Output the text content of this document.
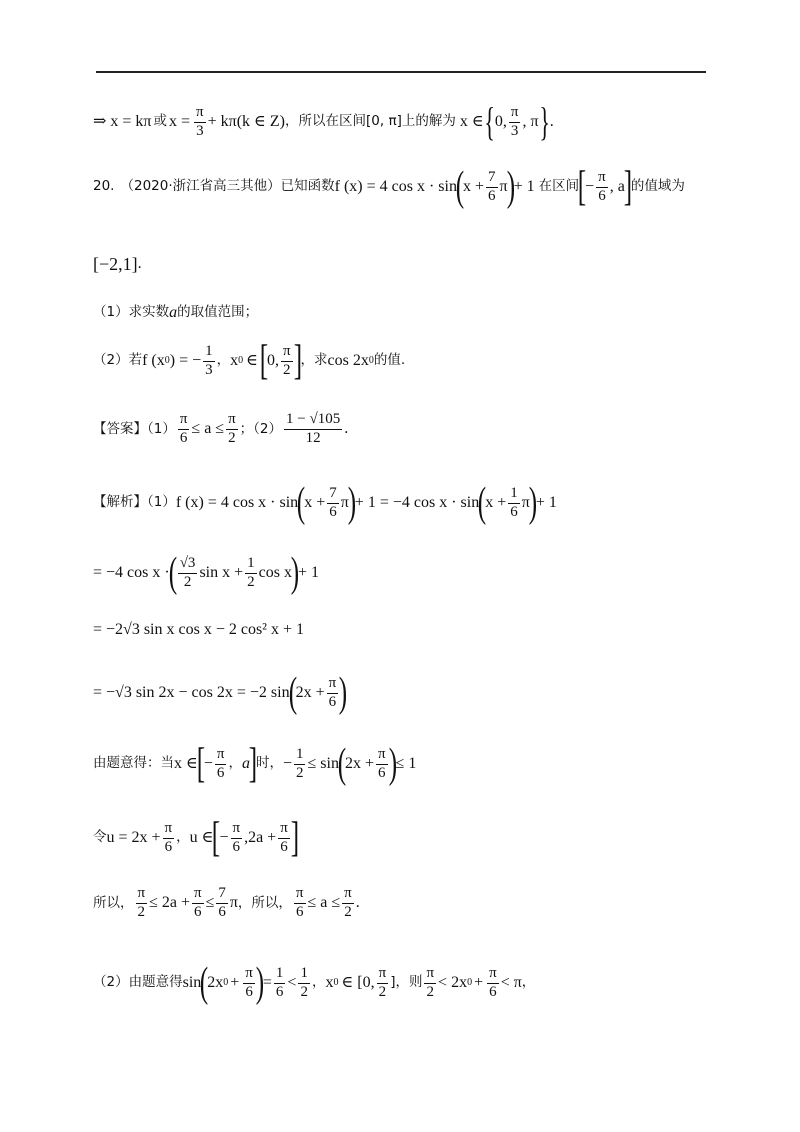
⇒ x = kπ 或 $x = \frac{\pi}{3} + k\pi(k$ ∈ Z) ，所以在区间[0, π]上的解为 x ∈ { 0, $\frac{\pi}{3}$ , π } .
20. （2020·浙江省高三其他）已知函数 f (x) = 4 cos x · sin
(
$x + \frac{7}{6}$ π
)
+ 1 在区间
[
− $\frac{\pi}{6}$ , a
]
的值域为
[−2,1] .
（1）求实数 a 的取值范围；
（2）若 f (x 0 ) = − $\frac{1}{3}$ ， x 0 ∈ [
0, $\frac{\pi}{2}$ ]
，求 cos 2x 0 的值.
【答案】$(1) \frac{\pi}{6} \le a \le \frac{\pi}{2}$ ；$(2) \frac{1 - √105}{12}$ .
【解析】（1） f (x) = 4 cos x · sin
(
$x + \frac{7}{6}$ π
)
+ 1 = −4 cos x · sin
(
$x + \frac{1}{6}$ π
)
+ 1
= −4 cos x ·
( $\frac{√3}{2}$ $\sin x + \frac{1}{2}$ cos x
)
+ 1
= −2√3 sin x cos x − 2 cos² x + 1
= −√3 sin 2x − cos 2x = −2 sin
(
$2x + \frac{\pi}{6}$ )
由题意得：当 x ∈
[
− $\frac{\pi}{6}$ ， a
]
时， − $\frac{1}{2} \le \sin$
(
$2x + \frac{\pi}{6}$ )
≤ 1
令 $u = 2x + \frac{\pi}{6}$ ， u ∈
[
− $\frac{\pi}{6} ,2a + \frac{\pi}{6}$ ]
所以， $\frac{\pi}{2} \le 2a + \frac{\pi}{6} \le \frac{7}{6}$ π ，所以， $\frac{\pi}{6} \le a \le \frac{\pi}{2}$ .
（2）由题意得 sin
(
2x $0 + \frac{\pi}{6}$ )
= $\frac{1}{6} < \frac{1}{2}$ ， x 0 ∈ [0, $\frac{\pi}{2}$ ]，则 $\frac{\pi}{2} < 2x$ $0 + \frac{\pi}{6} < \pi$ ，
